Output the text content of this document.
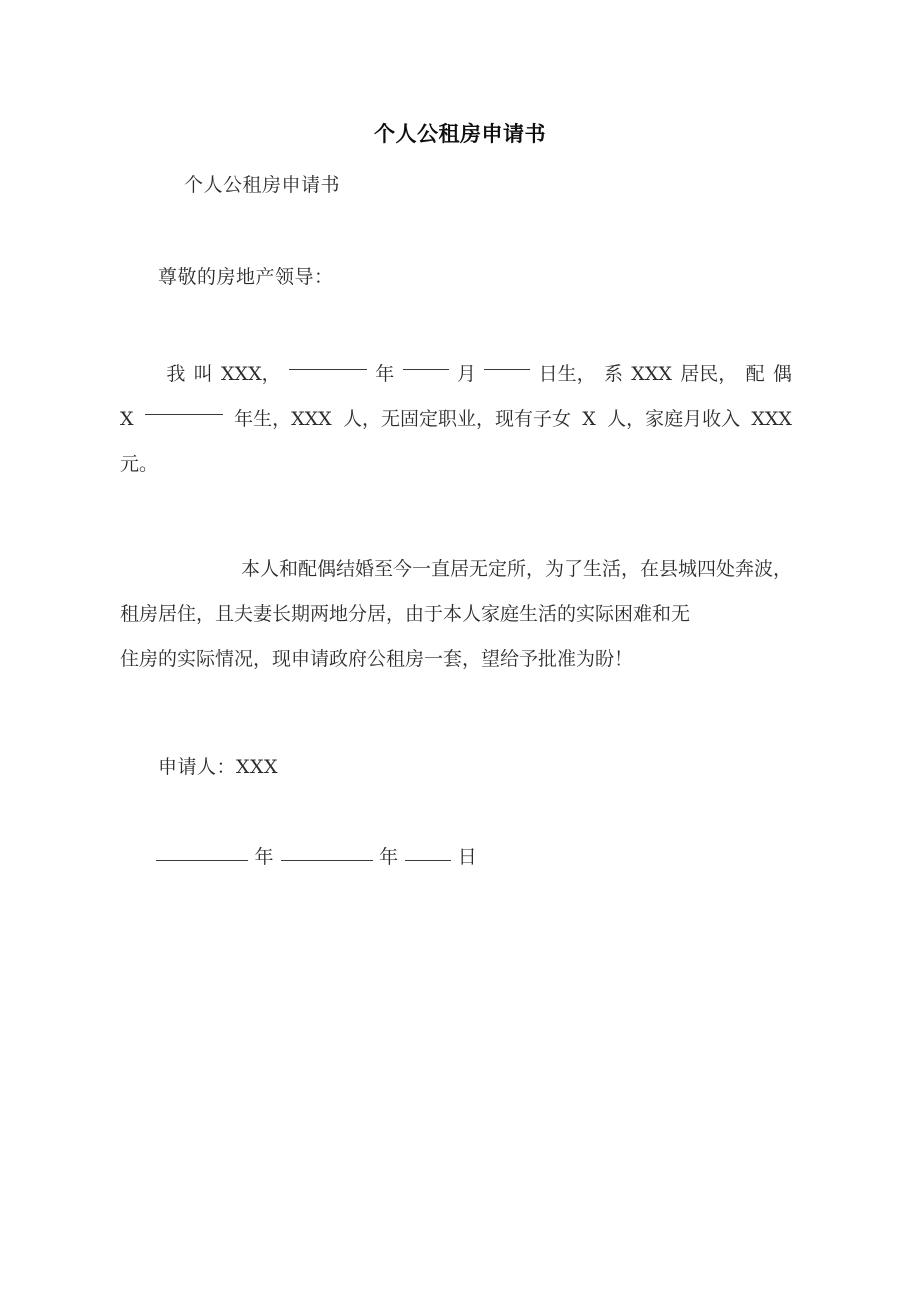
个人公租房申请书
个人公租房申请书
尊敬的房地产领导：
我 叫 XXX，	年	月	日生， 系 XXX 居民， 配 偶
X	年生，XXX 人，无固定职业，现有子女 X 人，家庭月收入 XXX
元。
本人和配偶结婚至今一直居无定所，为了生活，在县城四处奔波，
租房居住，且夫妻长期两地分居，由于本人家庭生活的实际困难和无
住房的实际情况，现申请政府公租房一套，望给予批准为盼！
申请人：XXX
年	年	日
